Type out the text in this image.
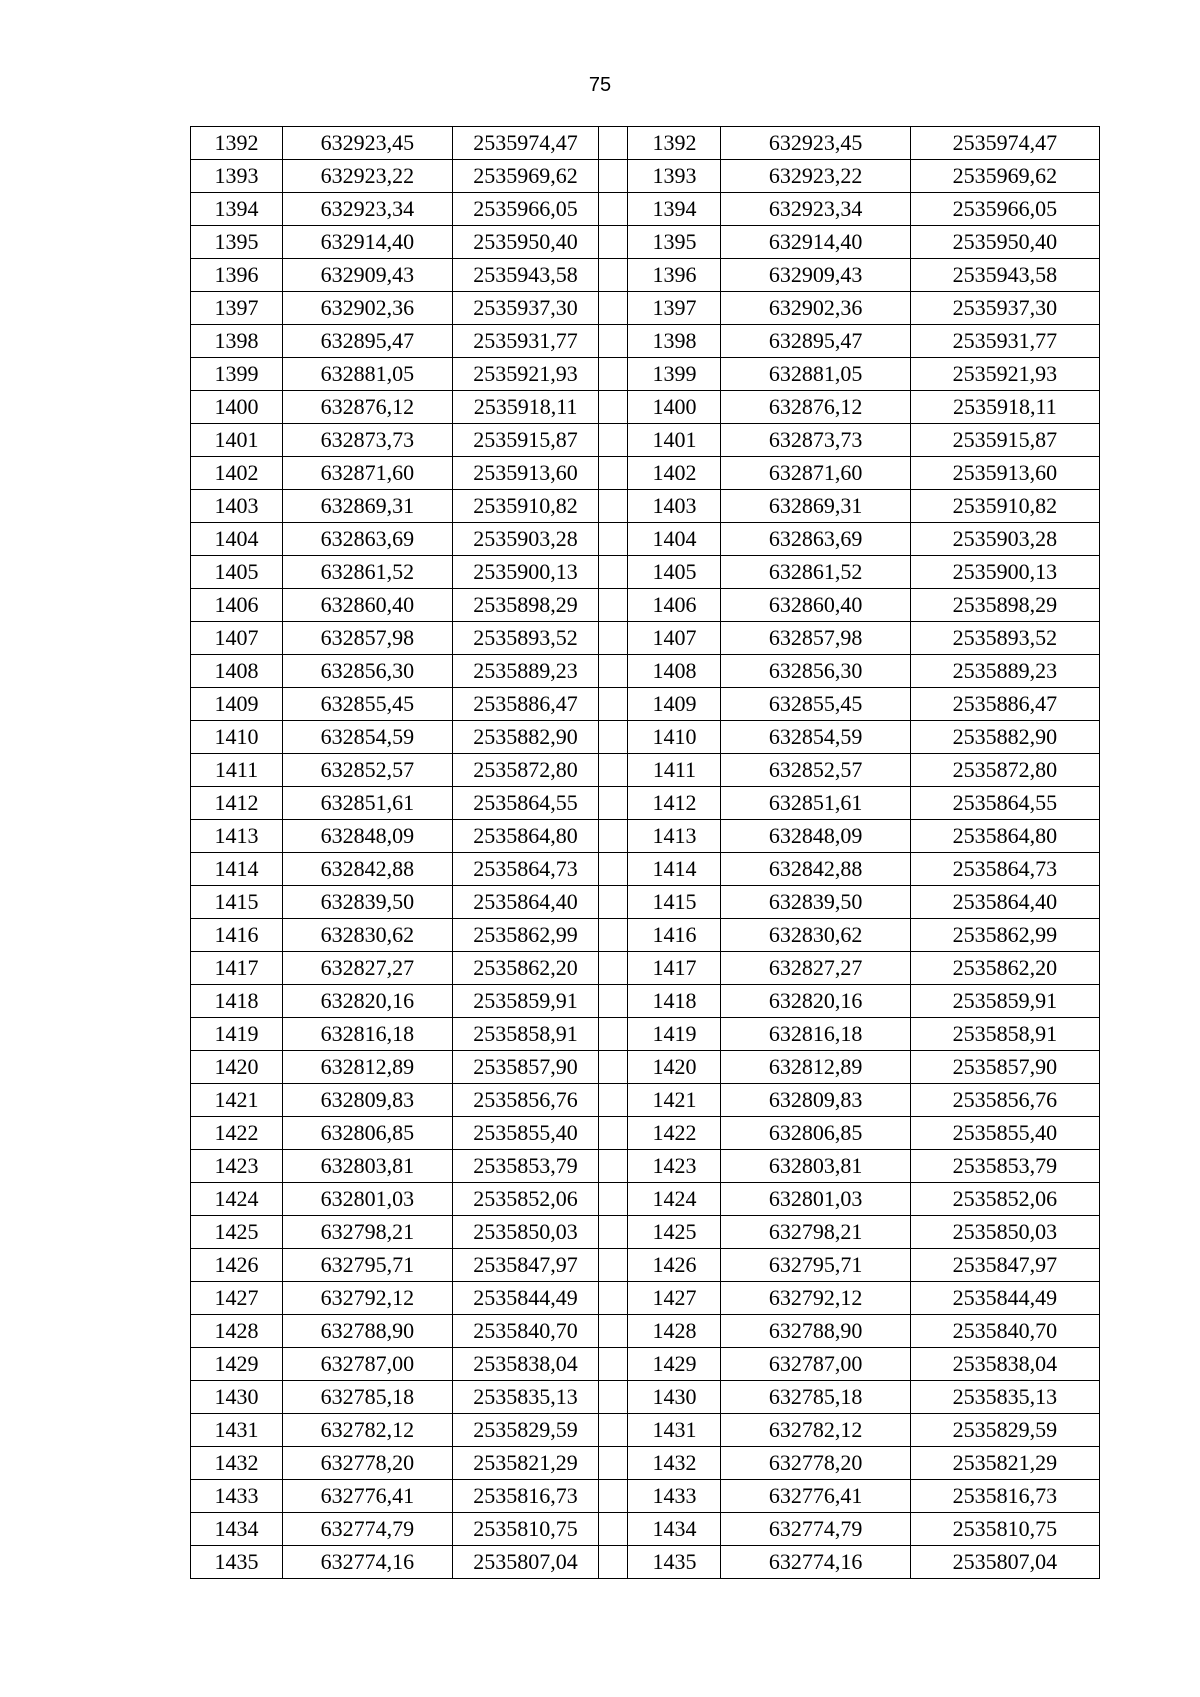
75
1392	632923,45	2535974,47		1392	632923,45	2535974,47
1393	632923,22	2535969,62		1393	632923,22	2535969,62
1394	632923,34	2535966,05		1394	632923,34	2535966,05
1395	632914,40	2535950,40		1395	632914,40	2535950,40
1396	632909,43	2535943,58		1396	632909,43	2535943,58
1397	632902,36	2535937,30		1397	632902,36	2535937,30
1398	632895,47	2535931,77		1398	632895,47	2535931,77
1399	632881,05	2535921,93		1399	632881,05	2535921,93
1400	632876,12	2535918,11		1400	632876,12	2535918,11
1401	632873,73	2535915,87		1401	632873,73	2535915,87
1402	632871,60	2535913,60		1402	632871,60	2535913,60
1403	632869,31	2535910,82		1403	632869,31	2535910,82
1404	632863,69	2535903,28		1404	632863,69	2535903,28
1405	632861,52	2535900,13		1405	632861,52	2535900,13
1406	632860,40	2535898,29		1406	632860,40	2535898,29
1407	632857,98	2535893,52		1407	632857,98	2535893,52
1408	632856,30	2535889,23		1408	632856,30	2535889,23
1409	632855,45	2535886,47		1409	632855,45	2535886,47
1410	632854,59	2535882,90		1410	632854,59	2535882,90
1411	632852,57	2535872,80		1411	632852,57	2535872,80
1412	632851,61	2535864,55		1412	632851,61	2535864,55
1413	632848,09	2535864,80		1413	632848,09	2535864,80
1414	632842,88	2535864,73		1414	632842,88	2535864,73
1415	632839,50	2535864,40		1415	632839,50	2535864,40
1416	632830,62	2535862,99		1416	632830,62	2535862,99
1417	632827,27	2535862,20		1417	632827,27	2535862,20
1418	632820,16	2535859,91		1418	632820,16	2535859,91
1419	632816,18	2535858,91		1419	632816,18	2535858,91
1420	632812,89	2535857,90		1420	632812,89	2535857,90
1421	632809,83	2535856,76		1421	632809,83	2535856,76
1422	632806,85	2535855,40		1422	632806,85	2535855,40
1423	632803,81	2535853,79		1423	632803,81	2535853,79
1424	632801,03	2535852,06		1424	632801,03	2535852,06
1425	632798,21	2535850,03		1425	632798,21	2535850,03
1426	632795,71	2535847,97		1426	632795,71	2535847,97
1427	632792,12	2535844,49		1427	632792,12	2535844,49
1428	632788,90	2535840,70		1428	632788,90	2535840,70
1429	632787,00	2535838,04		1429	632787,00	2535838,04
1430	632785,18	2535835,13		1430	632785,18	2535835,13
1431	632782,12	2535829,59		1431	632782,12	2535829,59
1432	632778,20	2535821,29		1432	632778,20	2535821,29
1433	632776,41	2535816,73		1433	632776,41	2535816,73
1434	632774,79	2535810,75		1434	632774,79	2535810,75
1435	632774,16	2535807,04		1435	632774,16	2535807,04
